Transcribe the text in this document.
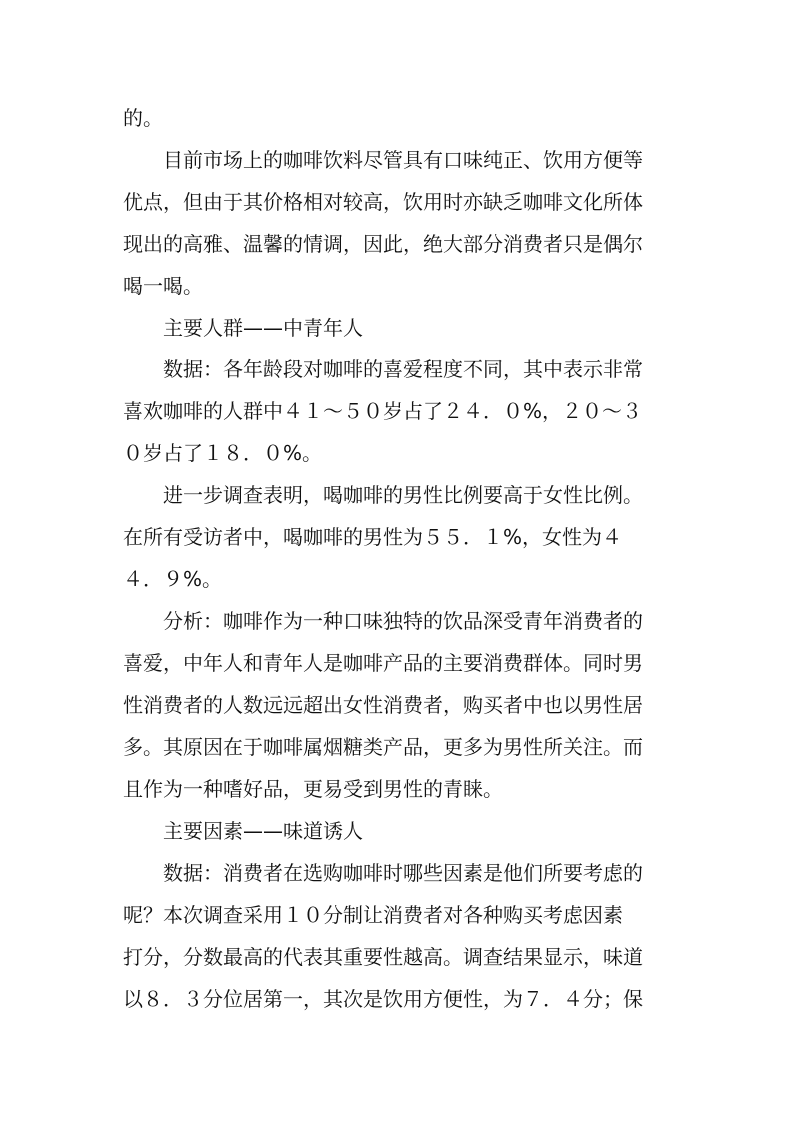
的。
目前市场上的咖啡饮料尽管具有口味纯正、饮用方便等
优点，但由于其价格相对较高，饮用时亦缺乏咖啡文化所体
现出的高雅、温馨的情调，因此，绝大部分消费者只是偶尔
喝一喝。
主要人群——中青年人
数据：各年龄段对咖啡的喜爱程度不同，其中表示非常
喜欢咖啡的人群中４１～５０岁占了２４．０%，２０～３
０岁占了１８．０%。
进一步调查表明，喝咖啡的男性比例要高于女性比例。
在所有受访者中，喝咖啡的男性为５５．１%，女性为４
４．９%。
分析：咖啡作为一种口味独特的饮品深受青年消费者的
喜爱，中年人和青年人是咖啡产品的主要消费群体。同时男
性消费者的人数远远超出女性消费者，购买者中也以男性居
多。其原因在于咖啡属烟糖类产品，更多为男性所关注。而
且作为一种嗜好品，更易受到男性的青睐。
主要因素——味道诱人
数据：消费者在选购咖啡时哪些因素是他们所要考虑的
呢？本次调查采用１０分制让消费者对各种购买考虑因素
打分，分数最高的代表其重要性越高。调查结果显示，味道
以８．３分位居第一，其次是饮用方便性，为７．４分；保
